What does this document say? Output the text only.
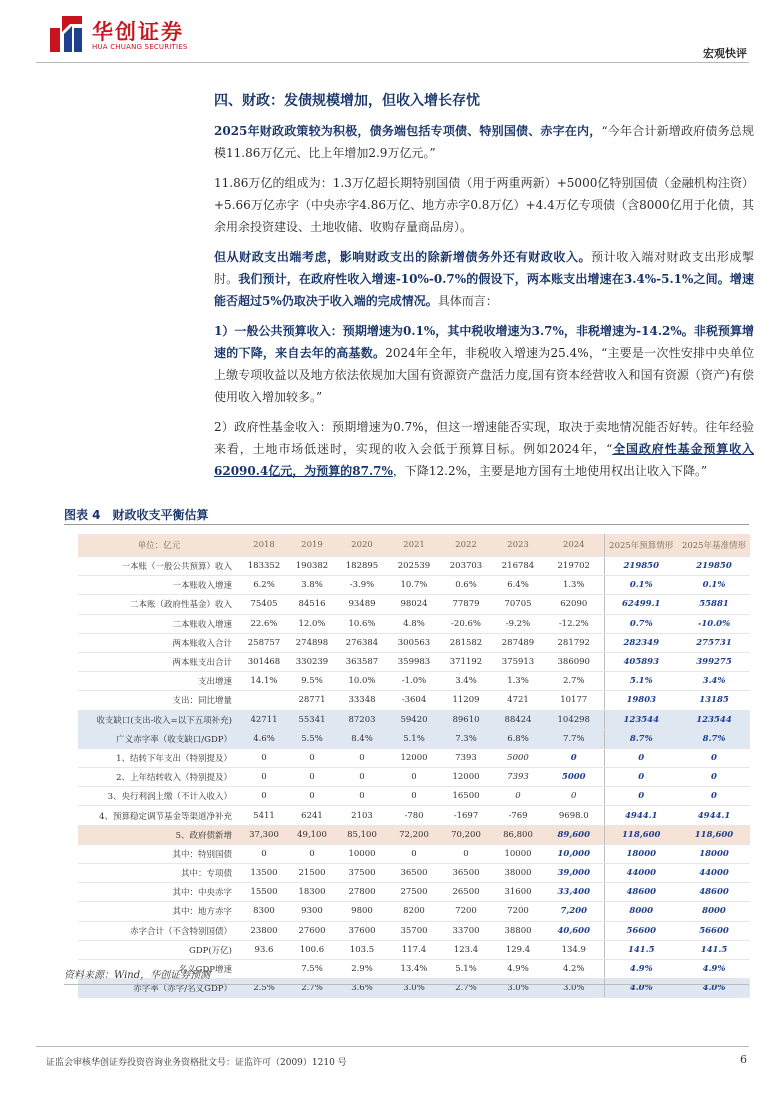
华创证券
HUA CHUANG SECURITIES	宏观快评
四、财政：发债规模增加，但收入增长存忧

2025年财政政策较为积极，债务端包括专项债、特别国债、赤字在内，“今年合计新增政府债务总规模11.86万亿元、比上年增加2.9万亿元。”

11.86万亿的组成为：1.3万亿超长期特别国债（用于两重两新）+5000亿特别国债（金融机构注资）+5.66万亿赤字（中央赤字4.86万亿、地方赤字0.8万亿）+4.4万亿专项债（含8000亿用于化债，其余用余投资建设、土地收储、收购存量商品房）。

但从财政支出端考虑，影响财政支出的除新增债务外还有财政收入。预计收入端对财政支出形成掣肘。我们预计，在政府性收入增速-10%-0.7%的假设下，两本账支出增速在3.4%-5.1%之间。增速能否超过5%仍取决于收入端的完成情况。具体而言：

1）一般公共预算收入：预期增速为0.1%，其中税收增速为3.7%，非税增速为-14.2%。非税预算增速的下降，来自去年的高基数。2024年全年，非税收入增速为25.4%，“主要是一次性安排中央单位上缴专项收益以及地方依法依规加大国有资源资产盘活力度,国有资本经营收入和国有资源（资产)有偿使用收入增加较多。”

2）政府性基金收入：预期增速为0.7%，但这一增速能否实现，取决于卖地情况能否好转。往年经验来看，土地市场低迷时，实现的收入会低于预算目标。例如2024年，“全国政府性基金预算收入62090.4亿元，为预算的87.7%，下降12.2%，主要是地方国有土地使用权出让收入下降。”

图表 4　财政收支平衡估算
单位：亿元	2018	2019	2020	2021	2022	2023	2024	2025年预算情形	2025年基准情形
一本账（一般公共预算）收入	183352	190382	182895	202539	203703	216784	219702	219850	219850
一本账收入增速	6.2%	3.8%	-3.9%	10.7%	0.6%	6.4%	1.3%	0.1%	0.1%
二本账（政府性基金）收入	75405	84516	93489	98024	77879	70705	62090	62499.1	55881
二本账收入增速	22.6%	12.0%	10.6%	4.8%	-20.6%	-9.2%	-12.2%	0.7%	-10.0%
两本账收入合计	258757	274898	276384	300563	281582	287489	281792	282349	275731
两本账支出合计	301468	330239	363587	359983	371192	375913	386090	405893	399275
支出增速	14.1%	9.5%	10.0%	-1.0%	3.4%	1.3%	2.7%	5.1%	3.4%
支出：同比增量		28771	33348	-3604	11209	4721	10177	19803	13185
收支缺口(支出-收入=以下五项补充)	42711	55341	87203	59420	89610	88424	104298	123544	123544
广义赤字率（收支缺口/GDP）	4.6%	5.5%	8.4%	5.1%	7.3%	6.8%	7.7%	8.7%	8.7%
1、结转下年支出（特别提及）	0	0	0	12000	7393	5000	0	0	0
2、上年结转收入（特别提及）	0	0	0	0	12000	7393	5000	0	0
3、央行利润上缴（不计入收入）	0	0	0	0	16500	0	0	0	0
4、预算稳定调节基金等渠道净补充	5411	6241	2103	-780	-1697	-769	9698.0	4944.1	4944.1
5、政府债新增	37,300	49,100	85,100	72,200	70,200	86,800	89,600	118,600	118,600
其中：特别国债	0	0	10000	0	0	10000	10,000	18000	18000
其中：专项债	13500	21500	37500	36500	36500	38000	39,000	44000	44000
其中：中央赤字	15500	18300	27800	27500	26500	31600	33,400	48600	48600
其中：地方赤字	8300	9300	9800	8200	7200	7200	7,200	8000	8000
赤字合计（不含特别国债）	23800	27600	37600	35700	33700	38800	40,600	56600	56600
GDP(万亿)	93.6	100.6	103.5	117.4	123.4	129.4	134.9	141.5	141.5
名义GDP增速		7.5%	2.9%	13.4%	5.1%	4.9%	4.2%	4.9%	4.9%
赤字率（赤字/名义GDP）	2.5%	2.7%	3.6%	3.0%	2.7%	3.0%	3.0%	4.0%	4.0%
资料来源：Wind，华创证券预测
证监会审核华创证券投资咨询业务资格批文号：证监许可（2009）1210 号	6
